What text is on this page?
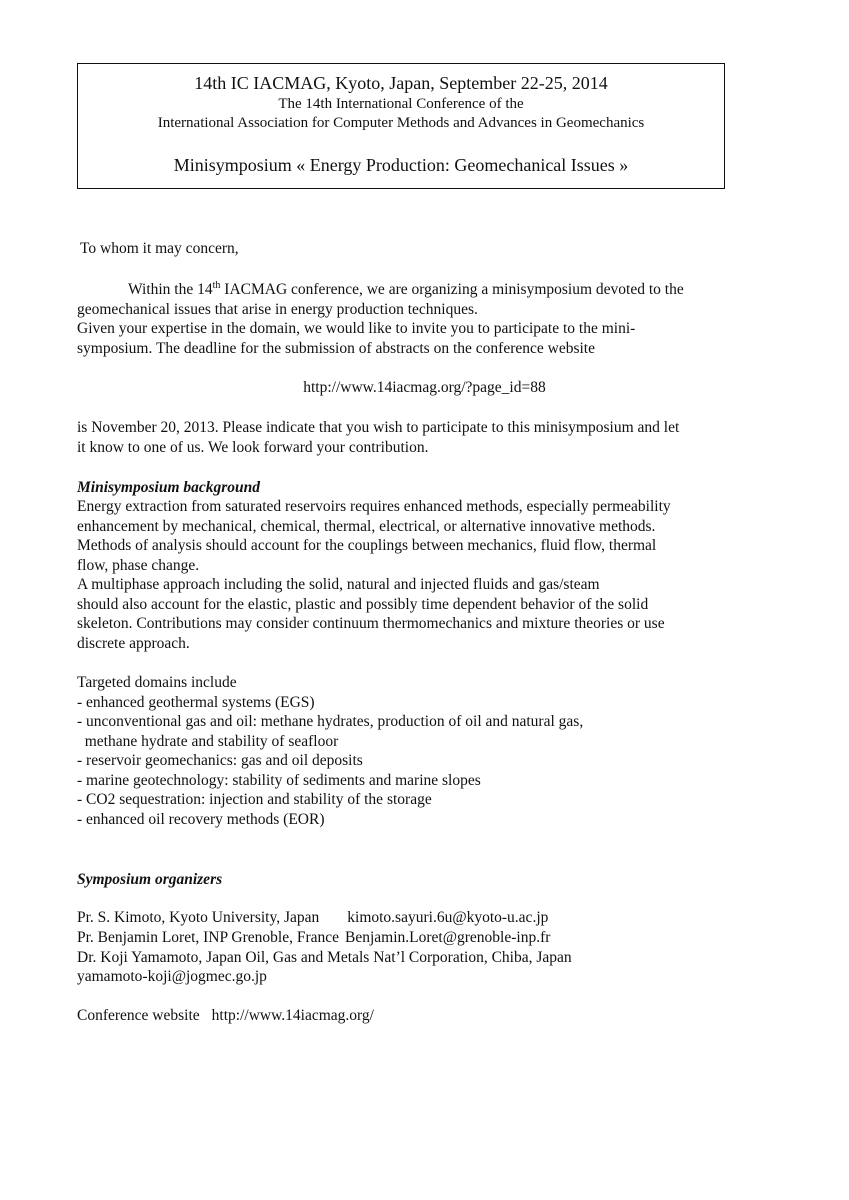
14th IC IACMAG, Kyoto, Japan, September 22-25, 2014
The 14th International Conference of the
International Association for Computer Methods and Advances in Geomechanics
Minisymposium « Energy Production: Geomechanical Issues »
To whom it may concern,
Within the 14th IACMAG conference, we are organizing a minisymposium devoted to the
geomechanical issues that arise in energy production techniques.
Given your expertise in the domain, we would like to invite you to participate to the mini-
symposium. The deadline for the submission of abstracts on the conference website
http://www.14iacmag.org/?page_id=88
is November 20, 2013. Please indicate that you wish to participate to this minisymposium and let
it know to one of us. We look forward your contribution.
Minisymposium background
Energy extraction from saturated reservoirs requires enhanced methods, especially permeability
enhancement by mechanical, chemical, thermal, electrical, or alternative innovative methods.
Methods of analysis should account for the couplings between mechanics, fluid flow, thermal
flow, phase change.
A multiphase approach including the solid, natural and injected fluids and gas/steam
should also account for the elastic, plastic and possibly time dependent behavior of the solid
skeleton. Contributions may consider continuum thermomechanics and mixture theories or use
discrete approach.
Targeted domains include
- enhanced geothermal systems (EGS)
- unconventional gas and oil: methane hydrates, production of oil and natural gas,
methane hydrate and stability of seafloor
- reservoir geomechanics: gas and oil deposits
- marine geotechnology: stability of sediments and marine slopes
- CO2 sequestration: injection and stability of the storage
- enhanced oil recovery methods (EOR)
Symposium organizers
Pr. S. Kimoto, Kyoto University, Japan kimoto.sayuri.6u@kyoto-u.ac.jp
Pr. Benjamin Loret, INP Grenoble, France Benjamin.Loret@grenoble-inp.fr
Dr. Koji Yamamoto, Japan Oil, Gas and Metals Nat’l Corporation, Chiba, Japan
yamamoto-koji@jogmec.go.jp
Conference website http://www.14iacmag.org/
